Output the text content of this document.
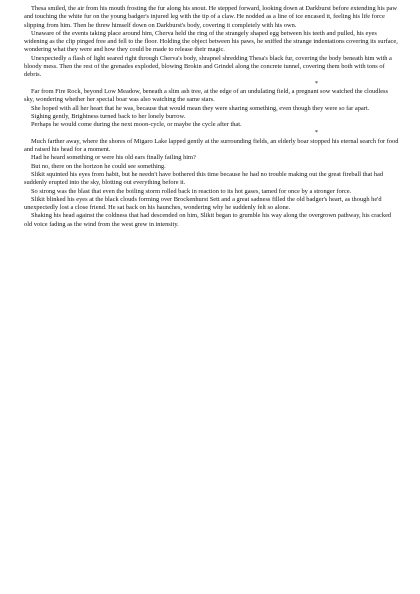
Thesa smiled, the air from his mouth frosting the fur along his snout. He stepped forward, looking down at Darkburst before extending his paw and touching the white fur on the young badger's injured leg with the tip of a claw. He nodded as a line of ice encased it, feeling his life force slipping from him. Then he threw himself down on Darkburst's body, covering it completely with his own.

Unaware of the events taking place around him, Cherva held the ring of the strangely shaped egg between his teeth and pulled, his eyes widening as the clip pinged free and fell to the floor. Holding the object between his paws, he sniffed the strange indentations covering its surface, wondering what they were and how they could be made to release their magic.

Unexpectedly a flash of light seared right through Cherva's body, shrapnel shredding Thesa's black fur, covering the body beneath him with a bloody mess. Then the rest of the grenades exploded, blowing Brokin and Grindel along the concrete tunnel, covering them both with tons of debris.

*

Far from Fire Rock, beyond Low Meadow, beneath a slim ash tree, at the edge of an undulating field, a pregnant sow watched the cloudless sky, wondering whether her special boar was also watching the same stars.

She hoped with all her heart that he was, because that would mean they were sharing something, even though they were so far apart.

Sighing gently, Brightness turned back to her lonely burrow.

Perhaps he would come during the next moon-cycle, or maybe the cycle after that.

*

Much farther away, where the shores of Migaro Lake lapped gently at the surrounding fields, an elderly boar stopped his eternal search for food and raised his head for a moment.

Had he heard something or were his old ears finally failing him?

But no, there on the horizon he could see something.

Slikit squinted his eyes from habit, but he needn't have bothered this time because he had no trouble making out the great fireball that had suddenly erupted into the sky, blotting out everything before it.

So strong was the blast that even the boiling storm rolled back in reaction to its hot gases, tamed for once by a stronger force.

Slikit blinked his eyes at the black clouds forming over Brockenhurst Sett and a great sadness filled the old badger's heart, as though he'd unexpectedly lost a close friend. He sat back on his haunches, wondering why he suddenly felt so alone.

Shaking his head against the coldness that had descended on him, Slikit began to grumble his way along the overgrown pathway, his cracked old voice fading as the wind from the west grew in intensity.
